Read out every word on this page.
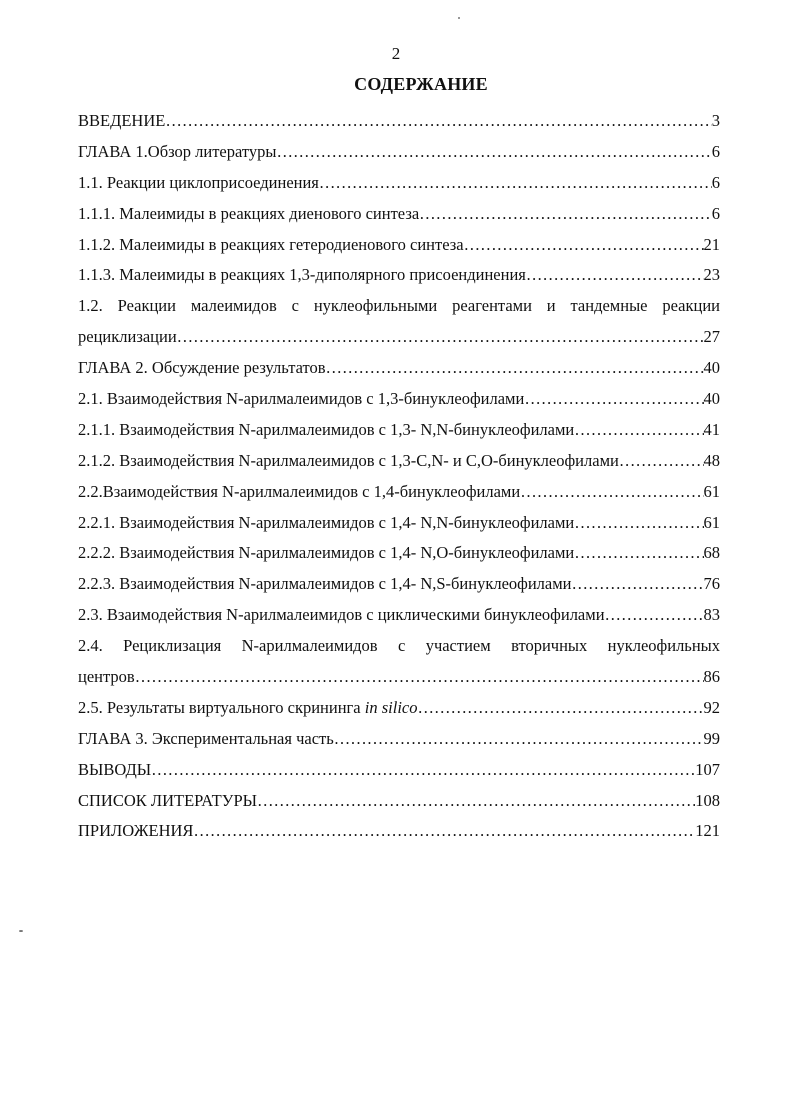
2
СОДЕРЖАНИЕ
ВВЕДЕНИЕ ……………………………………………………………………………………………………………………………………………………………………………………	3
ГЛАВА 1.Обзор литературы ……………………………………………………………………………………………………………………………………………………………………………………	6
1.1. Реакции циклоприсоединения ……………………………………………………………………………………………………………………………………………………………………………………	6
1.1.1. Малеимиды в реакциях диенового синтеза ……………………………………………………………………………………………………………………………………………………………………………………	6
1.1.2. Малеимиды в реакциях гетеродиенового синтеза ……………………………………………………………………………………………………………………………………………………………………………………	21
1.1.3. Малеимиды в реакциях 1,3-диполярного присоендинения ……………………………………………………………………………………………………………………………………………………………………………………	23
1.2. Реакции малеимидов с нуклеофильными реагентами и тандемные реакции
рециклизации ……………………………………………………………………………………………………………………………………………………………………………………	27
ГЛАВА 2. Обсуждение результатов ……………………………………………………………………………………………………………………………………………………………………………………	40
2.1. Взаимодействия N-арилмалеимидов с 1,3-бинуклеофилами ……………………………………………………………………………………………………………………………………………………………………………………	40
2.1.1. Взаимодействия N-арилмалеимидов с 1,3- N,N-бинуклеофилами ……………………………………………………………………………………………………………………………………………………………………………………	41
2.1.2. Взаимодействия N-арилмалеимидов с 1,3-C,N- и C,O-бинуклеофилами ……………………………………………………………………………………………………………………………………………………………………………………	48
2.2.Взаимодействия N-арилмалеимидов с 1,4-бинуклеофилами ……………………………………………………………………………………………………………………………………………………………………………………	61
2.2.1. Взаимодействия N-арилмалеимидов с 1,4- N,N-бинуклеофилами ……………………………………………………………………………………………………………………………………………………………………………………	61
2.2.2. Взаимодействия N-арилмалеимидов с 1,4- N,O-бинуклеофилами ……………………………………………………………………………………………………………………………………………………………………………………	68
2.2.3. Взаимодействия N-арилмалеимидов с 1,4- N,S-бинуклеофилами ……………………………………………………………………………………………………………………………………………………………………………………	76
2.3. Взаимодействия N-арилмалеимидов с циклическими бинуклеофилами ……………………………………………………………………………………………………………………………………………………………………………………	83
2.4. Рециклизация N-арилмалеимидов с участием вторичных нуклеофильных
центров ……………………………………………………………………………………………………………………………………………………………………………………	86
2.5. Результаты виртуального скрининга in silico ……………………………………………………………………………………………………………………………………………………………………………………	92
ГЛАВА 3. Экспериментальная часть ……………………………………………………………………………………………………………………………………………………………………………………	99
ВЫВОДЫ ……………………………………………………………………………………………………………………………………………………………………………………	107
СПИСОК ЛИТЕРАТУРЫ ……………………………………………………………………………………………………………………………………………………………………………………	108
ПРИЛОЖЕНИЯ ……………………………………………………………………………………………………………………………………………………………………………………	121
